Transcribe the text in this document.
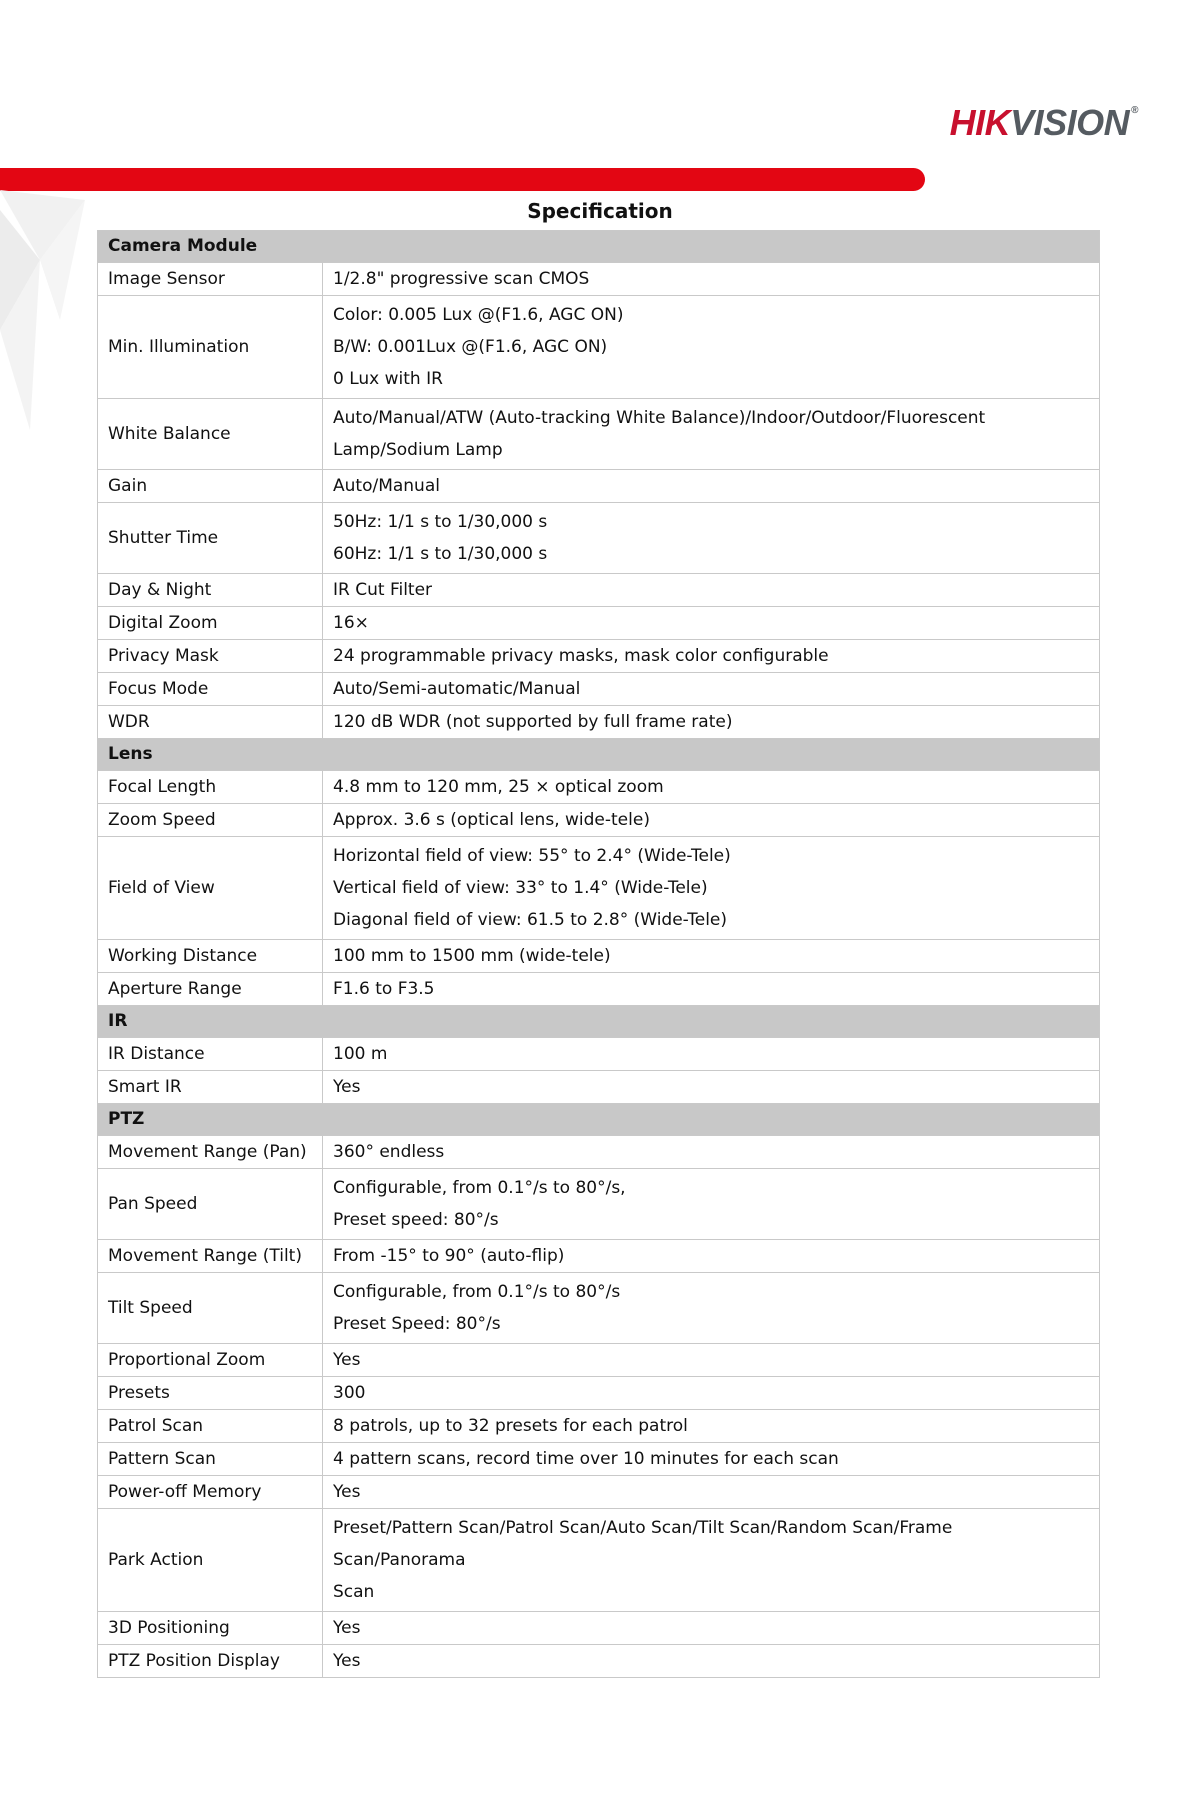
HIK VISION ®
Specification
Camera Module	
Image Sensor	1/2.8" progressive scan CMOS
Min. Illumination	Color: 0.005 Lux @(F1.6, AGC ON)
B/W: 0.001Lux @(F1.6, AGC ON)
0 Lux with IR

White Balance	Auto/Manual/ATW (Auto-tracking White Balance)/Indoor/Outdoor/Fluorescent
Lamp/Sodium Lamp

Gain	Auto/Manual
Shutter Time	50Hz: 1/1 s to 1/30,000 s
60Hz: 1/1 s to 1/30,000 s

Day & Night	IR Cut Filter
Digital Zoom	16×
Privacy Mask	24 programmable privacy masks, mask color configurable
Focus Mode	Auto/Semi-automatic/Manual
WDR	120 dB WDR (not supported by full frame rate)
Lens	
Focal Length	4.8 mm to 120 mm, 25 × optical zoom
Zoom Speed	Approx. 3.6 s (optical lens, wide-tele)
Field of View	Horizontal field of view: 55° to 2.4° (Wide-Tele)
Vertical field of view: 33° to 1.4° (Wide-Tele)
Diagonal field of view: 61.5 to 2.8° (Wide-Tele)

Working Distance	100 mm to 1500 mm (wide-tele)
Aperture Range	F1.6 to F3.5
IR	
IR Distance	100 m
Smart IR	Yes
PTZ	
Movement Range (Pan)	360° endless
Pan Speed	Configurable, from 0.1°/s to 80°/s,
Preset speed: 80°/s

Movement Range (Tilt)	From -15° to 90° (auto-flip)
Tilt Speed	Configurable, from 0.1°/s to 80°/s
Preset Speed: 80°/s

Proportional Zoom	Yes
Presets	300
Patrol Scan	8 patrols, up to 32 presets for each patrol
Pattern Scan	4 pattern scans, record time over 10 minutes for each scan
Power-off Memory	Yes
Park Action	Preset/Pattern Scan/Patrol Scan/Auto Scan/Tilt Scan/Random Scan/Frame Scan/Panorama
Scan

3D Positioning	Yes
PTZ Position Display	Yes
